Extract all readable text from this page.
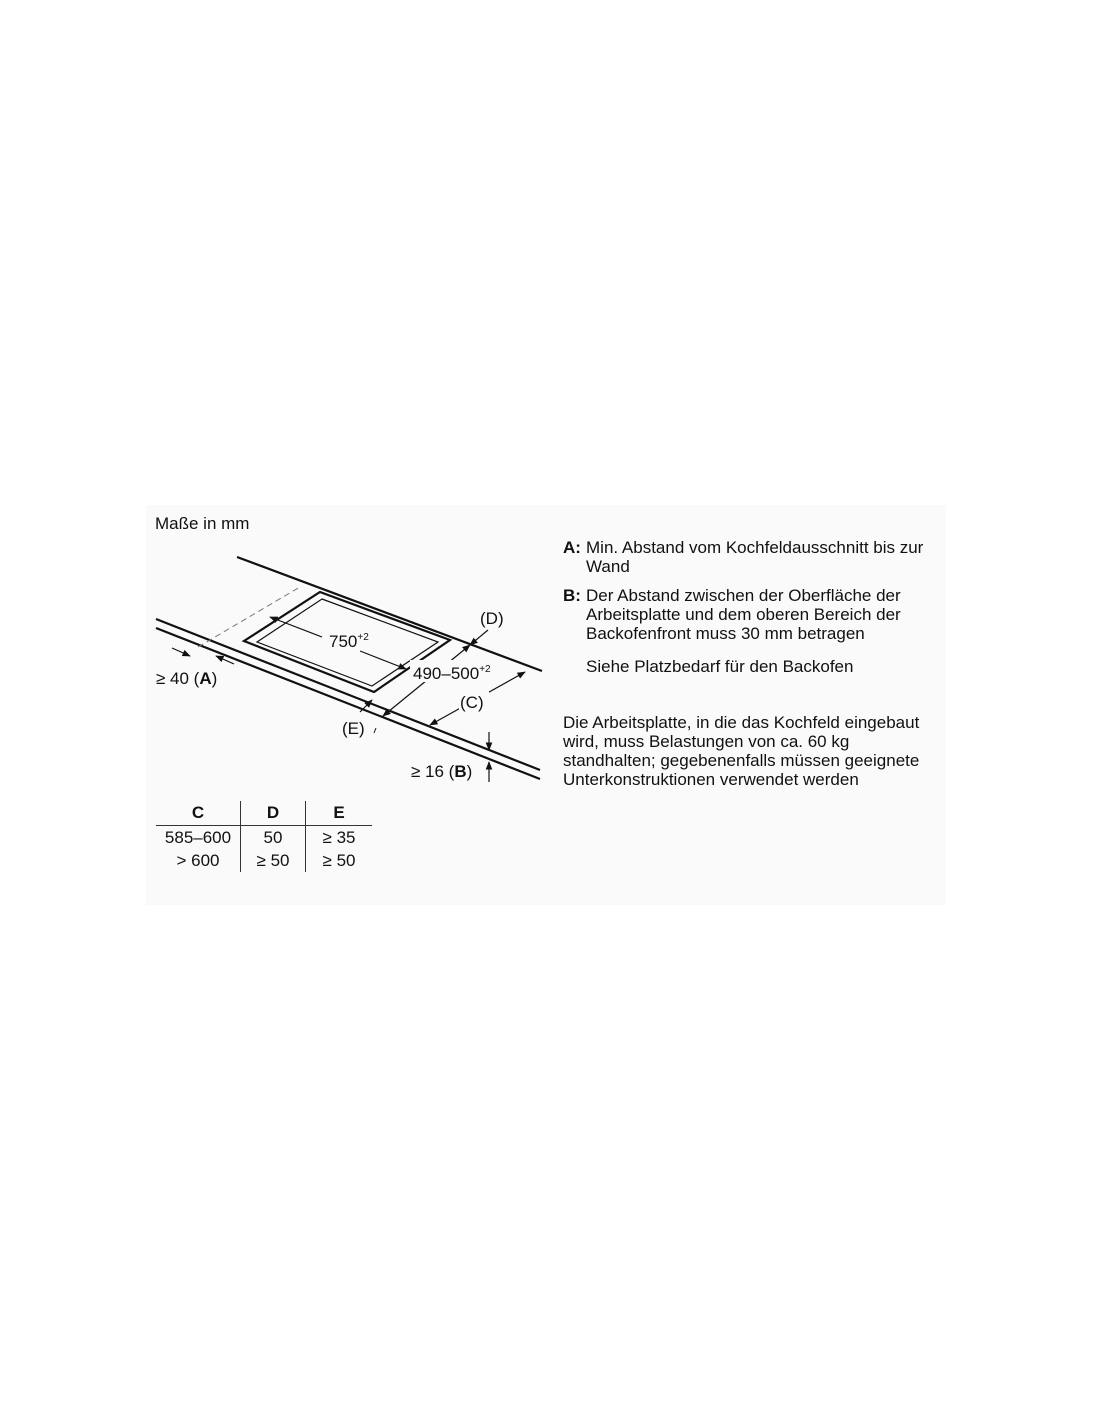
Maße in mm
$750^{+2}$
$490-500^{+2}$
(D)
(C)
(E)
≥ 40 (A)
≥ 16 (B)
C	D	E
585–600	50	≥ 35
> 600	≥ 50	≥ 50
A: Min. Abstand vom Kochfeldausschnitt bis zur Wand
B: Der Abstand zwischen der Oberfläche der Arbeitsplatte und dem oberen Bereich der Backofenfront muss 30 mm betragen
Siehe Platzbedarf für den Backofen
Die Arbeitsplatte, in die das Kochfeld eingebaut wird, muss Belastungen von ca. 60 kg standhalten; gegebenenfalls müssen geeignete Unterkonstruktionen verwendet werden
